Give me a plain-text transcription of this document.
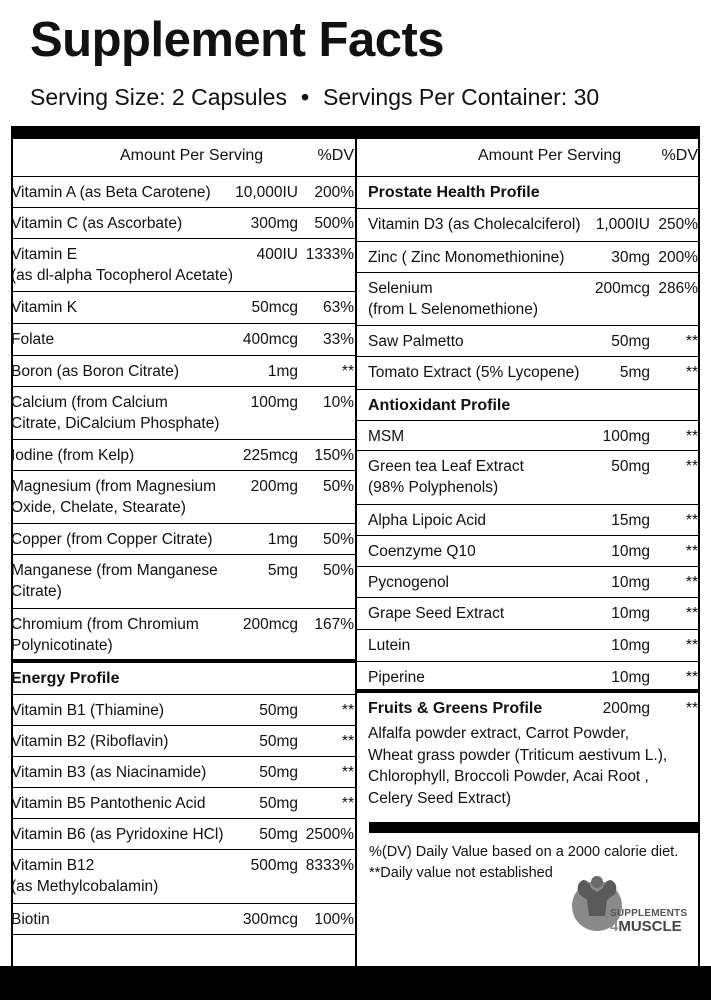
Supplement Facts
Serving Size: 2 Capsules • Servings Per Container: 30
Amount Per Serving	%DV
Vitamin A (as Beta Carotene) 10,000IU 200%
Vitamin C (as Ascorbate)	300mg 500%
Vitamin E
(as dl-alpha Tocopherol Acetate)
400IU 1333%
Vitamin K	50mcg 63%
Folate	400mcg 33%
Boron (as Boron Citrate)	1mg	**
Calcium (from Calcium
Citrate, DiCalcium Phosphate)
100mg 10%
Iodine (from Kelp)	225mcg 150%
Magnesium (from Magnesium
Oxide, Chelate, Stearate)
200mg 50%
Copper (from Copper Citrate)	1mg 50%
Manganese (from Manganese
Citrate)
5mg 50%
Chromium (from Chromium
Polynicotinate)
200mcg 167%
Energy Profile
Vitamin B1 (Thiamine)	50mg	**
Vitamin B2 (Riboflavin)	50mg	**
Vitamin B3 (as Niacinamide)	50mg	**
Vitamin B5 Pantothenic Acid	50mg	**
Vitamin B6 (as Pyridoxine HCl) 50mg 2500%
Vitamin B12
(as Methylcobalamin)
500mg 8333%
Biotin	300mcg 100%
Amount Per Serving	%DV
Prostate Health Profile
Vitamin D3 (as Cholecalciferol) 1,000IU 250%
Zinc ( Zinc Monomethionine)	30mg 200%
Selenium
(from L Selenomethione)
200mcg 286%
Saw Palmetto	50mg **
Tomato Extract (5% Lycopene)	5mg **
Antioxidant Profile
MSM	100mg **
Green tea Leaf Extract
(98% Polyphenols)
50mg **
Alpha Lipoic Acid	15mg **
Coenzyme Q10	10mg **
Pycnogenol	10mg **
Grape Seed Extract	10mg **
Lutein	10mg **
Piperine	10mg **
Fruits & Greens Profile	200mg **
Alfalfa powder extract, Carrot Powder,
Wheat grass powder (Triticum aestivum L.),
Chlorophyll, Broccoli Powder, Acai Root ,
Celery Seed Extract)
%(DV) Daily Value based on a 2000 calorie diet.
**Daily value not established
SUPPLEMENTS
4MUSCLE
